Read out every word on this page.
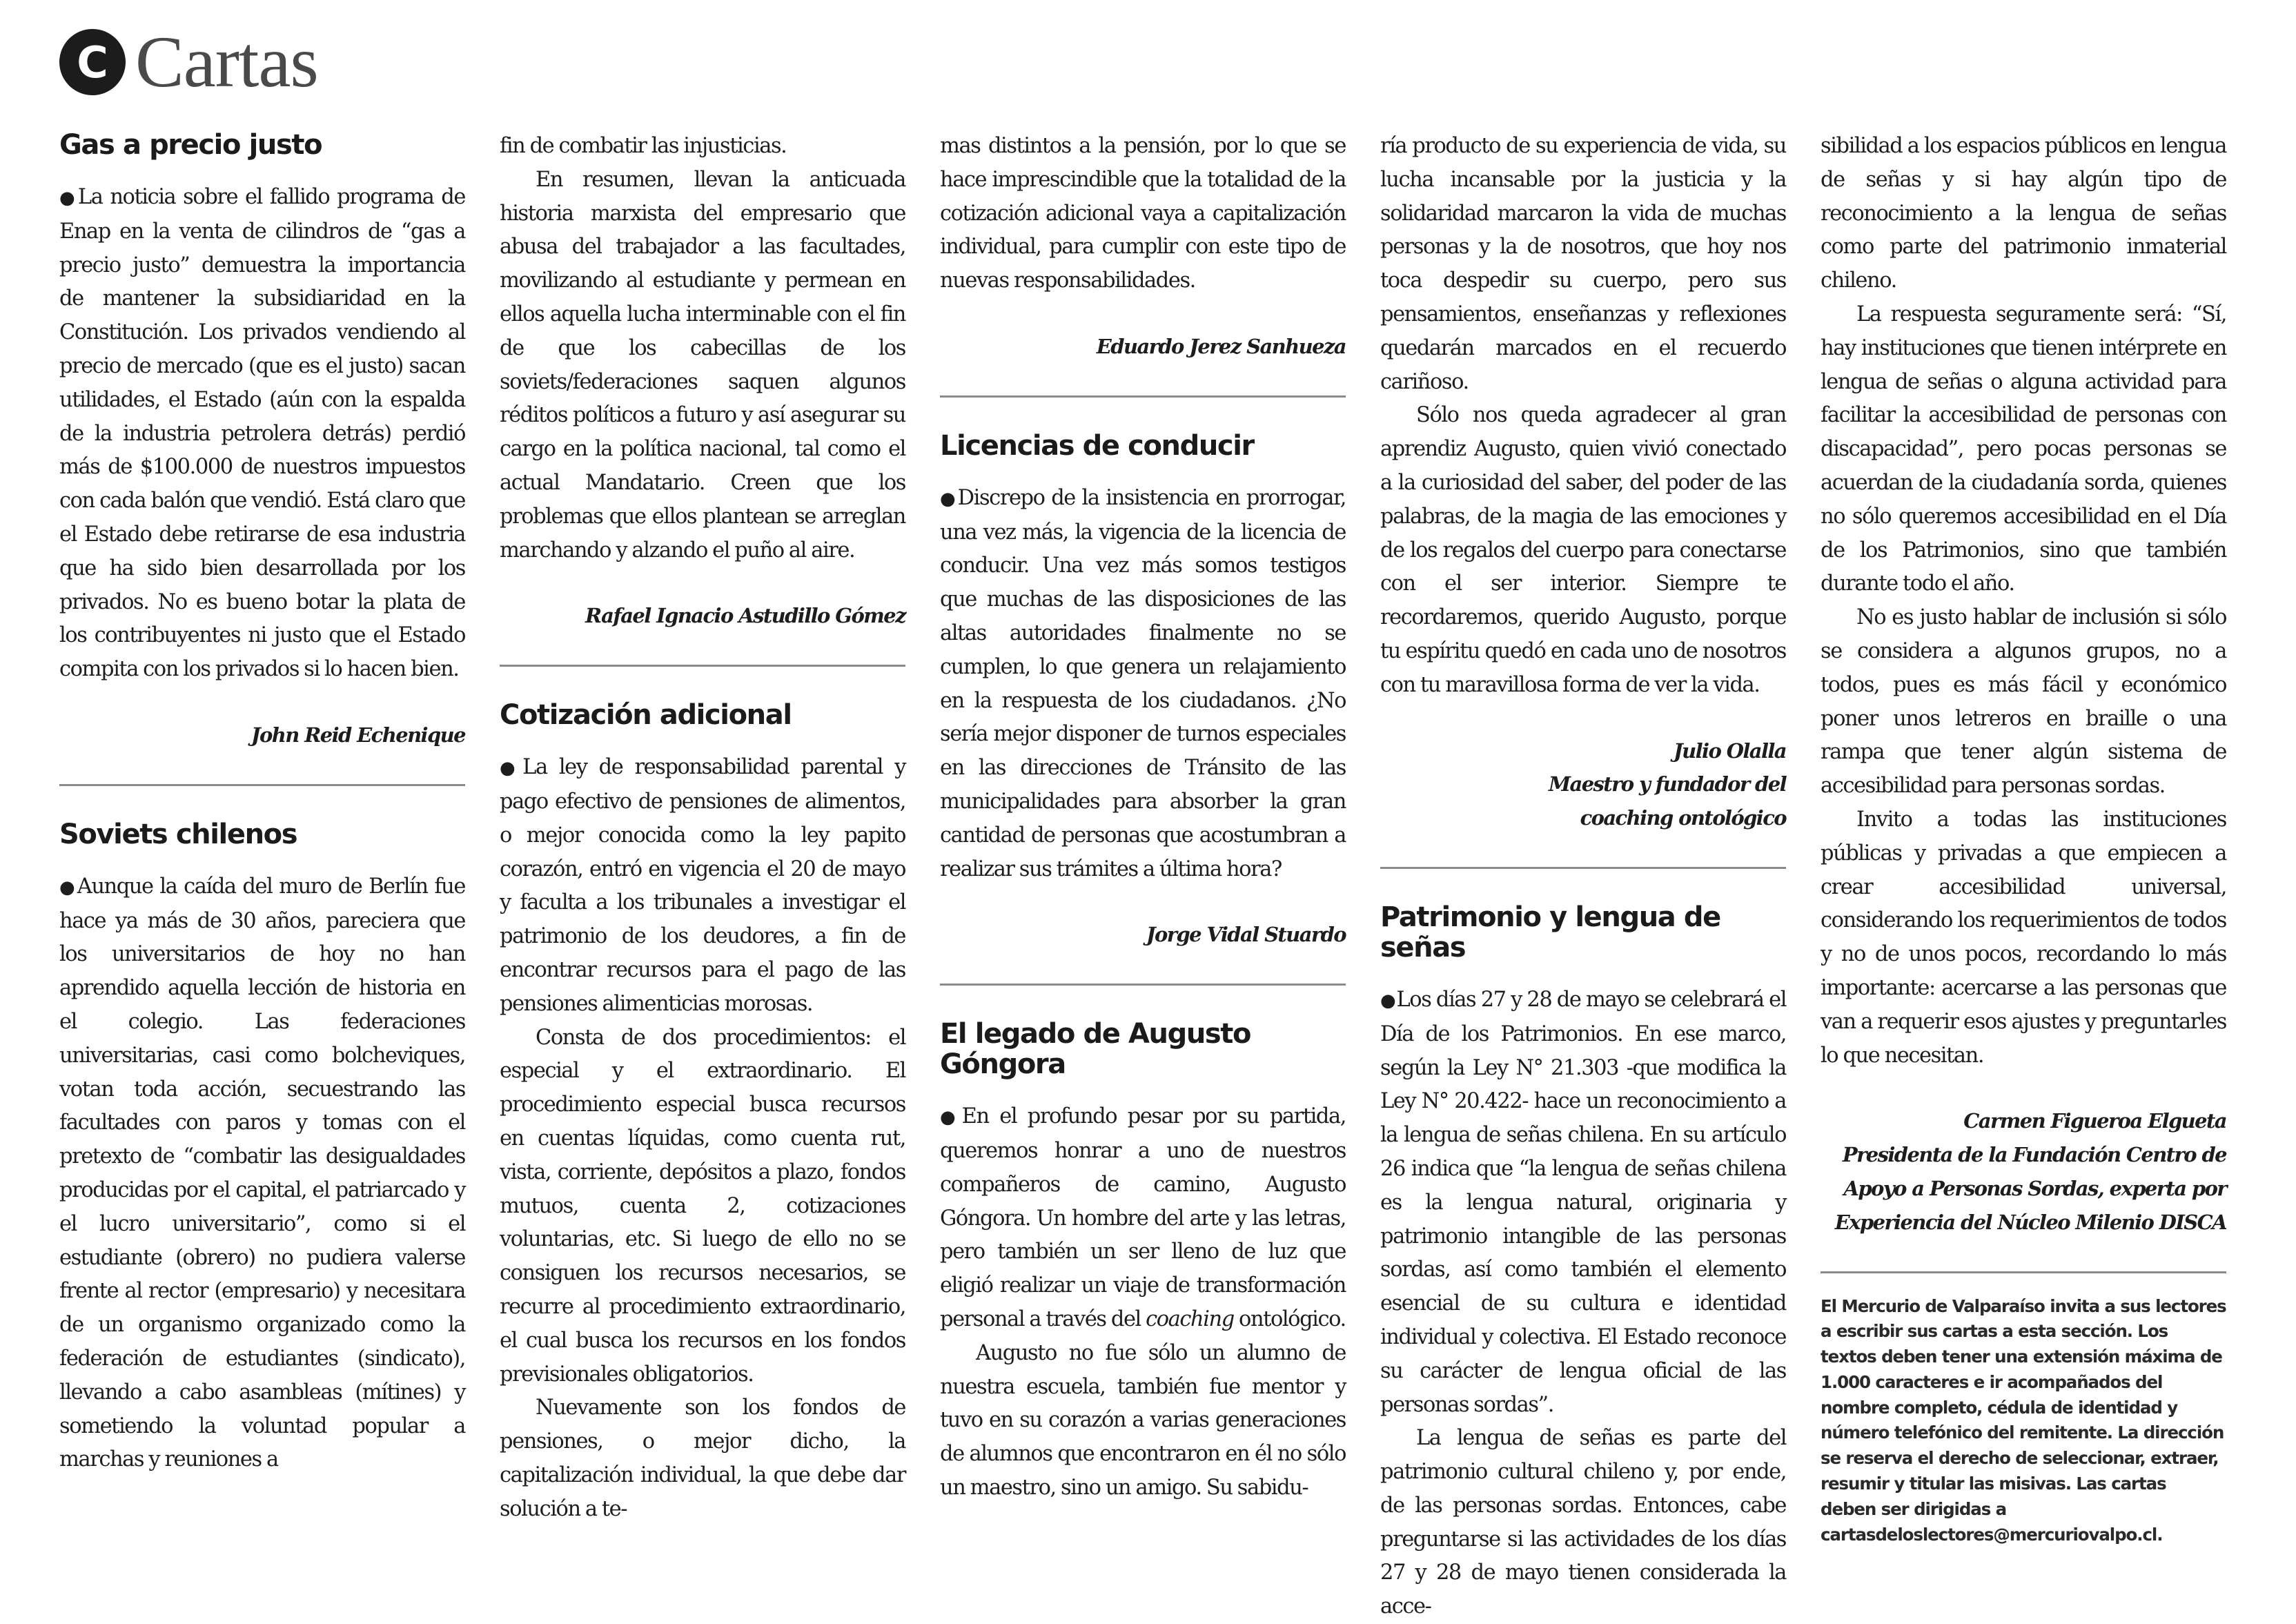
C Cartas
Gas a precio justo

●La noticia sobre el fallido programa de Enap en la venta de cilindros de “gas a precio justo” demuestra la importancia de mantener la subsidiaridad en la Constitución. Los privados vendiendo al precio de mercado (que es el justo) sacan utilidades, el Estado (aún con la espalda de la industria petrolera detrás) perdió más de $100.000 de nuestros impuestos con cada balón que vendió. Está claro que el Estado debe retirarse de esa industria que ha sido bien desarrollada por los privados. No es bueno botar la plata de los contribuyentes ni justo que el Estado compita con los privados si lo hacen bien.

John Reid Echenique
Soviets chilenos

●Aunque la caída del muro de Berlín fue hace ya más de 30 años, pareciera que los universitarios de hoy no han aprendido aquella lección de historia en el colegio. Las federaciones universitarias, casi como bolcheviques, votan toda acción, secuestrando las facultades con paros y tomas con el pretexto de “combatir las desigualdades producidas por el capital, el patriarcado y el lucro universitario”, como si el estudiante (obrero) no pudiera valerse frente al rector (empresario) y necesitara de un organismo organizado como la federación de estudiantes (sindicato), llevando a cabo asambleas (mítines) y sometiendo la voluntad popular a marchas y reuniones a

fin de combatir las injusticias.

En resumen, llevan la anticuada historia marxista del empresario que abusa del trabajador a las facultades, movilizando al estudiante y permean en ellos aquella lucha interminable con el fin de que los cabecillas de los soviets/federaciones saquen algunos réditos políticos a futuro y así asegurar su cargo en la política nacional, tal como el actual Mandatario. Creen que los problemas que ellos plantean se arreglan marchando y alzando el puño al aire.

Rafael Ignacio Astudillo Gómez
Cotización adicional

●La ley de responsabilidad parental y pago efectivo de pensiones de alimentos, o mejor conocida como la ley papito corazón, entró en vigencia el 20 de mayo y faculta a los tribunales a investigar el patrimonio de los deudores, a fin de encontrar recursos para el pago de las pensiones alimenticias morosas.

Consta de dos procedimientos: el especial y el extraordinario. El procedimiento especial busca recursos en cuentas líquidas, como cuenta rut, vista, corriente, depósitos a plazo, fondos mutuos, cuenta 2, cotizaciones voluntarias, etc. Si luego de ello no se consiguen los recursos necesarios, se recurre al procedimiento extraordinario, el cual busca los recursos en los fondos previsionales obligatorios.

Nuevamente son los fondos de pensiones, o mejor dicho, la capitalización individual, la que debe dar solución a te-

mas distintos a la pensión, por lo que se hace imprescindible que la totalidad de la cotización adicional vaya a capitalización individual, para cumplir con este tipo de nuevas responsabilidades.

Eduardo Jerez Sanhueza
Licencias de conducir

●Discrepo de la insistencia en prorrogar, una vez más, la vigencia de la licencia de conducir. Una vez más somos testigos que muchas de las disposiciones de las altas autoridades finalmente no se cumplen, lo que genera un relajamiento en la respuesta de los ciudadanos. ¿No sería mejor disponer de turnos especiales en las direcciones de Tránsito de las municipalidades para absorber la gran cantidad de personas que acostumbran a realizar sus trámites a última hora?

Jorge Vidal Stuardo
El legado de Augusto Góngora

●En el profundo pesar por su partida, queremos honrar a uno de nuestros compañeros de camino, Augusto Góngora. Un hombre del arte y las letras, pero también un ser lleno de luz que eligió realizar un viaje de transformación personal a través del coaching ontológico.

Augusto no fue sólo un alumno de nuestra escuela, también fue mentor y tuvo en su corazón a varias generaciones de alumnos que encontraron en él no sólo un maestro, sino un amigo. Su sabidu-

ría producto de su experiencia de vida, su lucha incansable por la justicia y la solidaridad marcaron la vida de muchas personas y la de nosotros, que hoy nos toca despedir su cuerpo, pero sus pensamientos, enseñanzas y reflexiones quedarán marcados en el recuerdo cariñoso.

Sólo nos queda agradecer al gran aprendiz Augusto, quien vivió conectado a la curiosidad del saber, del poder de las palabras, de la magia de las emociones y de los regalos del cuerpo para conectarse con el ser interior. Siempre te recordaremos, querido Augusto, porque tu espíritu quedó en cada uno de nosotros con tu maravillosa forma de ver la vida.

Julio Olalla
Maestro y fundador del
coaching ontológico
Patrimonio y lengua de señas

●Los días 27 y 28 de mayo se celebrará el Día de los Patrimonios. En ese marco, según la Ley N° 21.303 -que modifica la Ley N° 20.422- hace un reconocimiento a la lengua de señas chilena. En su artículo 26 indica que “la lengua de señas chilena es la lengua natural, originaria y patrimonio intangible de las personas sordas, así como también el elemento esencial de su cultura e identidad individual y colectiva. El Estado reconoce su carácter de lengua oficial de las personas sordas”.

La lengua de señas es parte del patrimonio cultural chileno y, por ende, de las personas sordas. Entonces, cabe preguntarse si las actividades de los días 27 y 28 de mayo tienen considerada la acce-

sibilidad a los espacios públicos en lengua de señas y si hay algún tipo de reconocimiento a la lengua de señas como parte del patrimonio inmaterial chileno.

La respuesta seguramente será: “Sí, hay instituciones que tienen intérprete en lengua de señas o alguna actividad para facilitar la accesibilidad de personas con discapacidad”, pero pocas personas se acuerdan de la ciudadanía sorda, quienes no sólo queremos accesibilidad en el Día de los Patrimonios, sino que también durante todo el año.

No es justo hablar de inclusión si sólo se considera a algunos grupos, no a todos, pues es más fácil y económico poner unos letreros en braille o una rampa que tener algún sistema de accesibilidad para personas sordas.

Invito a todas las instituciones públicas y privadas a que empiecen a crear accesibilidad universal, considerando los requerimientos de todos y no de unos pocos, recordando lo más importante: acercarse a las personas que van a requerir esos ajustes y preguntarles lo que necesitan.

Carmen Figueroa Elgueta
Presidenta de la Fundación Centro de
Apoyo a Personas Sordas, experta por
Experiencia del Núcleo Milenio DISCA
El Mercurio de Valparaíso invita a sus lectores a escribir sus cartas a esta sección. Los textos deben tener una extensión máxima de 1.000 caracteres e ir acompañados del nombre completo, cédula de identidad y número telefónico del remitente. La dirección se reserva el derecho de seleccionar, extraer, resumir y titular las misivas. Las cartas deben ser dirigidas a cartasdeloslectores@mercuriovalpo.cl.
